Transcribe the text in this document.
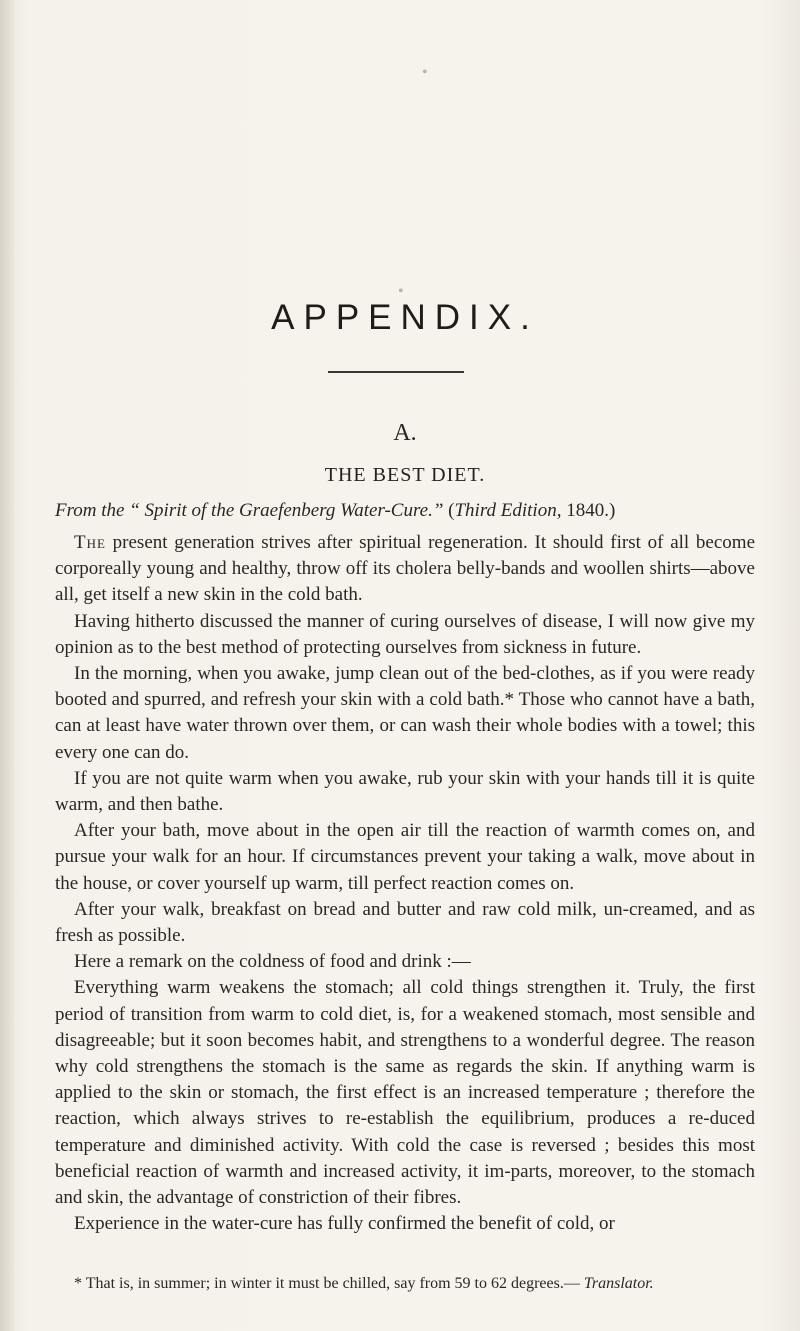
•
•
APPENDIX.
A.
THE BEST DIET.
From the “ Spirit of the Graefenberg Water-Cure.” (Third Edition, 1840.)

The present generation strives after spiritual regeneration. It should first of all become corporeally young and healthy, throw off its cholera belly-bands and woollen shirts—above all, get itself a new skin in the cold bath.

Having hitherto discussed the manner of curing ourselves of disease, I will now give my opinion as to the best method of protecting ourselves from sickness in future.

In the morning, when you awake, jump clean out of the bed-clothes, as if you were ready booted and spurred, and refresh your skin with a cold bath.* Those who cannot have a bath, can at least have water thrown over them, or can wash their whole bodies with a towel; this every one can do.

If you are not quite warm when you awake, rub your skin with your hands till it is quite warm, and then bathe.

After your bath, move about in the open air till the reaction of warmth comes on, and pursue your walk for an hour. If circumstances prevent your taking a walk, move about in the house, or cover yourself up warm, till perfect reaction comes on.

After your walk, breakfast on bread and butter and raw cold milk, un-creamed, and as fresh as possible.

Here a remark on the coldness of food and drink :—

Everything warm weakens the stomach; all cold things strengthen it. Truly, the first period of transition from warm to cold diet, is, for a weakened stomach, most sensible and disagreeable; but it soon becomes habit, and strengthens to a wonderful degree. The reason why cold strengthens the stomach is the same as regards the skin. If anything warm is applied to the skin or stomach, the first effect is an increased temperature ; therefore the reaction, which always strives to re-establish the equilibrium, produces a re-duced temperature and diminished activity. With cold the case is reversed ; besides this most beneficial reaction of warmth and increased activity, it im-parts, moreover, to the stomach and skin, the advantage of constriction of their fibres.

Experience in the water-cure has fully confirmed the benefit of cold, or

* That is, in summer; in winter it must be chilled, say from 59 to 62 degrees.— Translator.
